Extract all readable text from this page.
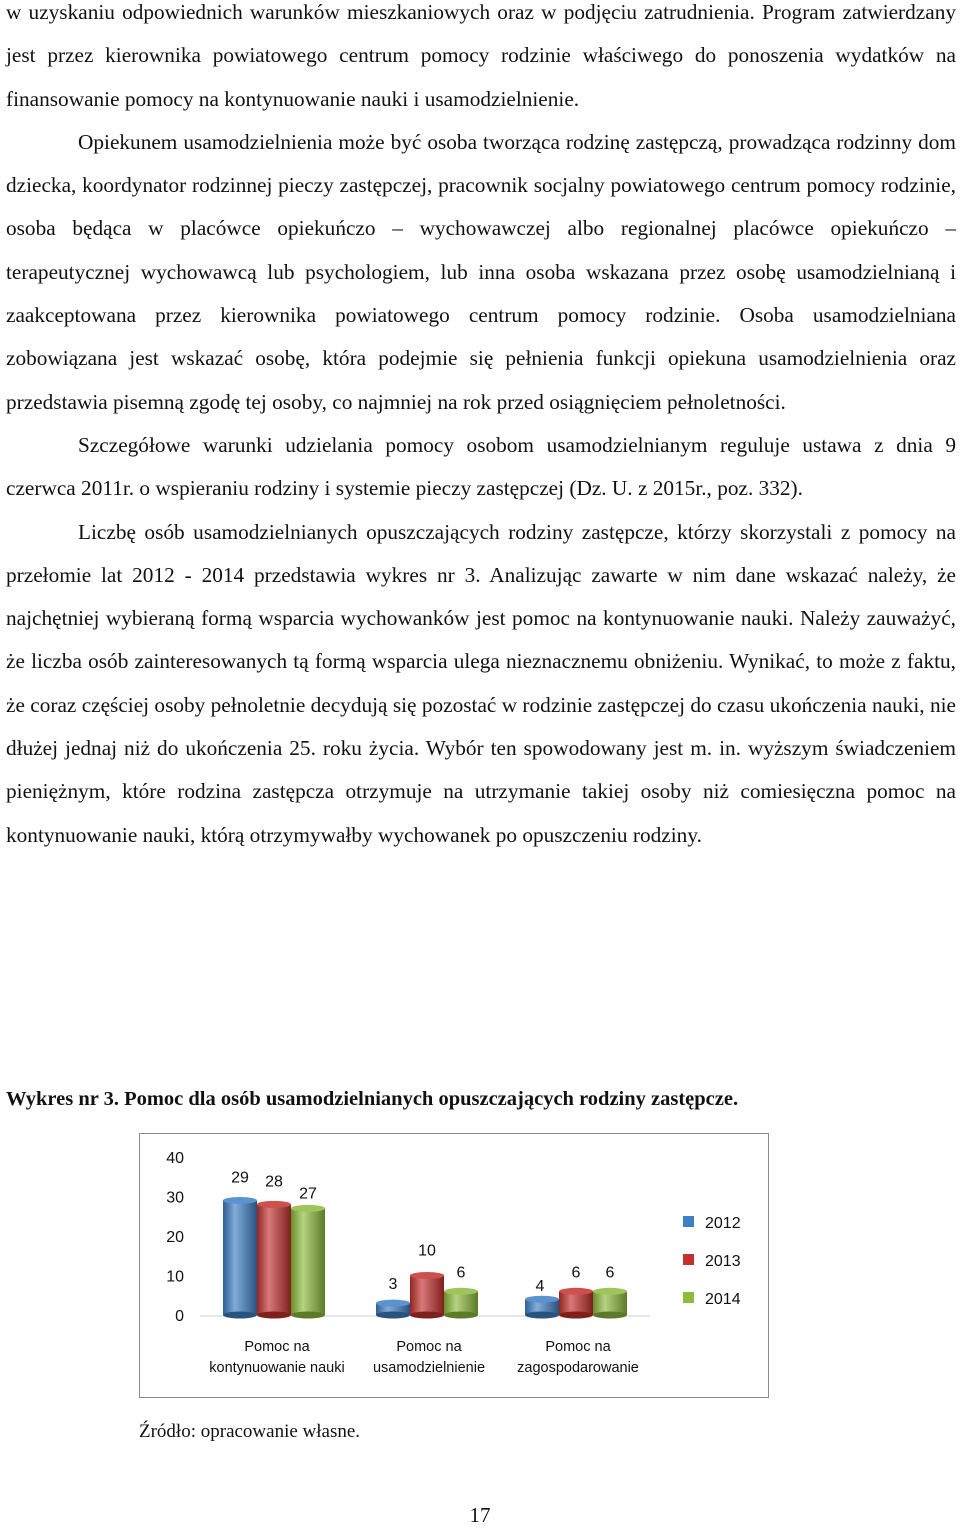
w uzyskaniu odpowiednich warunków mieszkaniowych oraz w podjęciu zatrudnienia. Program zatwierdzany jest przez kierownika powiatowego centrum pomocy rodzinie właściwego do ponoszenia wydatków na finansowanie pomocy na kontynuowanie nauki i usamodzielnienie.

Opiekunem usamodzielnienia może być osoba tworząca rodzinę zastępczą, prowadząca rodzinny dom dziecka, koordynator rodzinnej pieczy zastępczej, pracownik socjalny powiatowego centrum pomocy rodzinie, osoba będąca w placówce opiekuńczo – wychowawczej albo regionalnej placówce opiekuńczo – terapeutycznej wychowawcą lub psychologiem, lub inna osoba wskazana przez osobę usamodzielnianą i zaakceptowana przez kierownika powiatowego centrum pomocy rodzinie. Osoba usamodzielniana zobowiązana jest wskazać osobę, która podejmie się pełnienia funkcji opiekuna usamodzielnienia oraz przedstawia pisemną zgodę tej osoby, co najmniej na rok przed osiągnięciem pełnoletności.

Szczegółowe warunki udzielania pomocy osobom usamodzielnianym reguluje ustawa z dnia 9 czerwca 2011r. o wspieraniu rodziny i systemie pieczy zastępczej (Dz. U. z 2015r., poz. 332).

Liczbę osób usamodzielnianych opuszczających rodziny zastępcze, którzy skorzystali z pomocy na przełomie lat 2012 - 2014 przedstawia wykres nr 3. Analizując zawarte w nim dane wskazać należy, że najchętniej wybieraną formą wsparcia wychowanków jest pomoc na kontynuowanie nauki. Należy zauważyć, że liczba osób zainteresowanych tą formą wsparcia ulega nieznacznemu obniżeniu. Wynikać, to może z faktu, że coraz częściej osoby pełnoletnie decydują się pozostać w rodzinie zastępczej do czasu ukończenia nauki, nie dłużej jednaj niż do ukończenia 25. roku życia. Wybór ten spowodowany jest m. in. wyższym świadczeniem pieniężnym, które rodzina zastępcza otrzymuje na utrzymanie takiej osoby niż comiesięczna pomoc na kontynuowanie nauki, którą otrzymywałby wychowanek po opuszczeniu rodziny.

Wykres nr 3. Pomoc dla osób usamodzielnianych opuszczających rodziny zastępcze.
0
10
20
30
40
29 28
27
3
10
6
4
6 6
Pomoc na
kontynuowanie nauki
Pomoc na
usamodzielnienie
Pomoc na
zagospodarowanie
2012
2013
2014
Źródło: opracowanie własne.
17
